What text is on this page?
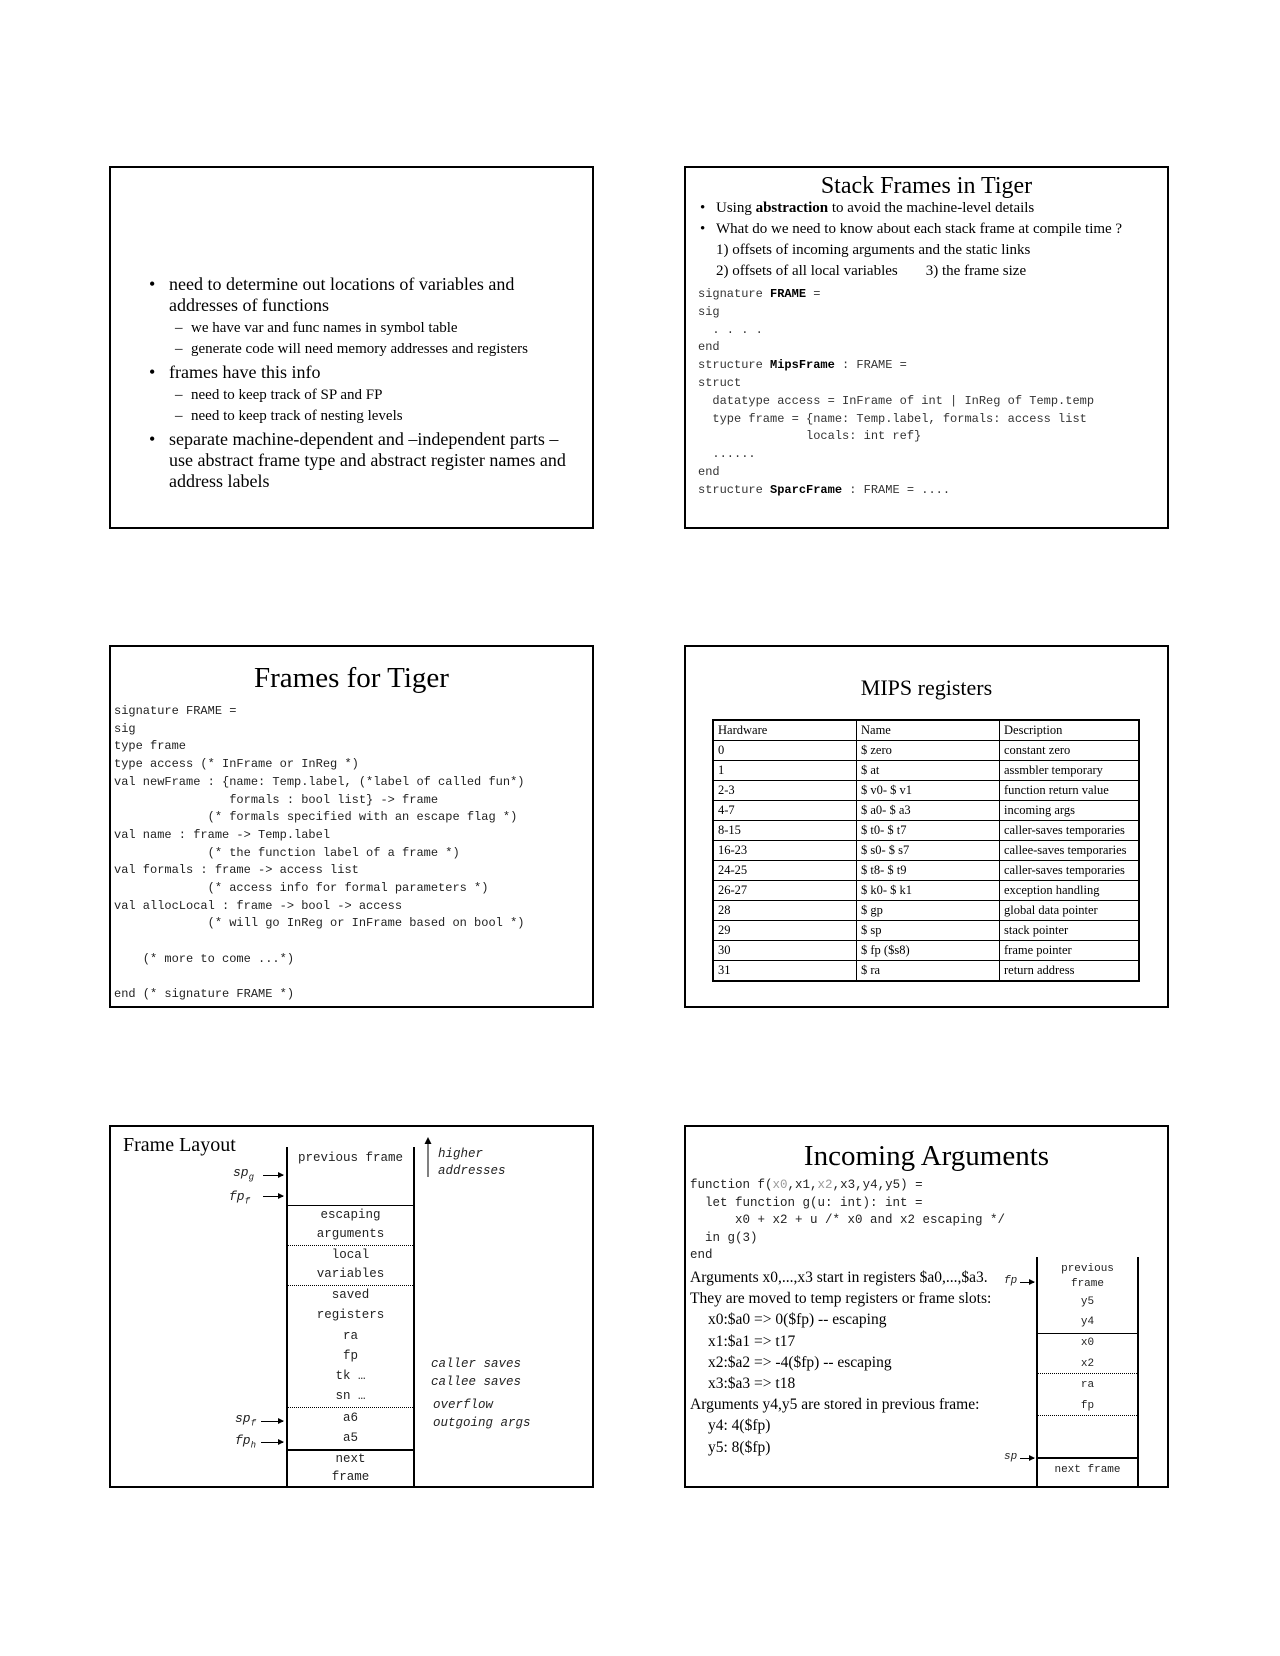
• need to determine out locations of variables and addresses of functions
– we have var and func names in symbol table
– generate code will need memory addresses and registers
• frames have this info
– need to keep track of SP and FP
– need to keep track of nesting levels
• separate machine-dependent and –independent parts – use abstract frame type and abstract register names and address labels
Stack Frames in Tiger
• Using abstraction to avoid the machine-level details
• What do we need to know about each stack frame at compile time ?
1) offsets of incoming arguments and the static links
2) offsets of all local variables 3) the frame size
signature FRAME =
sig
. . . .
end
structure MipsFrame : FRAME =
struct
datatype access = InFrame of int | InReg of Temp.temp
type frame = {name: Temp.label, formals: access list
locals: int ref}
......
end
structure SparcFrame : FRAME = ....
Frames for Tiger
signature FRAME =
sig
type frame
type access (* InFrame or InReg *)
val newFrame : {name: Temp.label, (*label of called fun*)
formals : bool list} -> frame
(* formals specified with an escape flag *)
val name : frame -> Temp.label
(* the function label of a frame *)
val formals : frame -> access list
(* access info for formal parameters *)
val allocLocal : frame -> bool -> access
(* will go InReg or InFrame based on bool *)

(* more to come ...*)

end (* signature FRAME *)
MIPS registers
Hardware	Name	Description
0	$ zero	constant zero
1	$ at	assmbler temporary
2-3	$ v0- $ v1	function return value
4-7	$ a0- $ a3	incoming args
8-15	$ t0- $ t7	caller-saves temporaries
16-23	$ s0- $ s7	callee-saves temporaries
24-25	$ t8- $ t9	caller-saves temporaries
26-27	$ k0- $ k1	exception handling
28	$ gp	global data pointer
29	$ sp	stack pointer
30	$ fp ($s8)	frame pointer
31	$ ra	return address
Frame Layout
previous frame
escaping
arguments
local
variables
saved
registers
ra
fp
tk …
sn …
a6
a5
next
frame
higher
addresses
caller saves
callee saves
overflow
outgoing args
$sp_g$
$fp_f$
$sp_f$
$fp_h$
Incoming Arguments
function f(x0,x1,x2,x3,y4,y5) =
let function g(u: int): int =
x0 + x2 + u /* x0 and x2 escaping */
in g(3)
end
Arguments x0,...,x3 start in registers $a0,...,$a3.
They are moved to temp registers or frame slots:
x0:$a0 => 0($fp) -- escaping
x1:$a1 => t17
x2:$a2 => -4($fp) -- escaping
x3:$a3 => t18
Arguments y4,y5 are stored in previous frame:
y4: 4($fp)
y5: 8($fp)
previous
frame
y5
y4
x0
x2
ra
fp
next frame
fp
sp
